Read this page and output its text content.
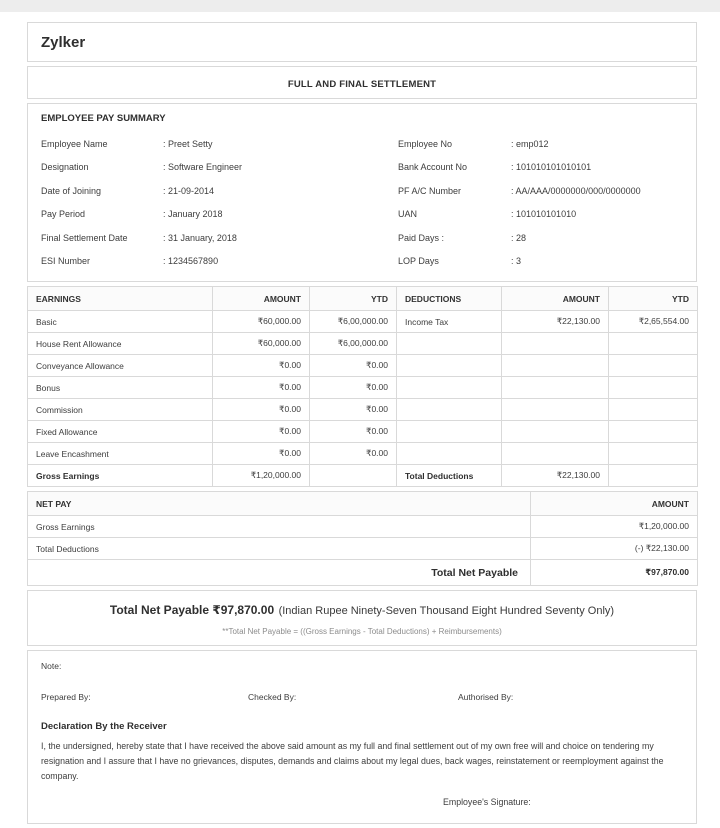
Zylker
FULL AND FINAL SETTLEMENT
EMPLOYEE PAY SUMMARY
Employee Name	: Preet Setty	Employee No	: emp012
Designation	: Software Engineer	Bank Account No	: 101010101010101
Date of Joining	: 21-09-2014	PF A/C Number	: AA/AAA/0000000/000/0000000
Pay Period	: January 2018	UAN	: 101010101010
Final Settlement Date	: 31 January, 2018	Paid Days :	: 28
ESI Number	: 1234567890	LOP Days	: 3
EARNINGS	AMOUNT	YTD	DEDUCTIONS	AMOUNT	YTD
Basic	₹60,000.00	₹6,00,000.00	Income Tax	₹22,130.00	₹2,65,554.00
House Rent Allowance	₹60,000.00	₹6,00,000.00			
Conveyance Allowance	₹0.00	₹0.00			
Bonus	₹0.00	₹0.00			
Commission	₹0.00	₹0.00			
Fixed Allowance	₹0.00	₹0.00			
Leave Encashment	₹0.00	₹0.00			
Gross Earnings	₹1,20,000.00		Total Deductions	₹22,130.00	
NET PAY	AMOUNT
Gross Earnings	₹1,20,000.00
Total Deductions	(-) ₹22,130.00
Total Net Payable	₹97,870.00
Total Net Payable ₹97,870.00 (Indian Rupee Ninety-Seven Thousand Eight Hundred Seventy Only)
**Total Net Payable = ((Gross Earnings - Total Deductions) + Reimbursements)
Note:
Prepared By:	Checked By:	Authorised By:
Declaration By the Receiver
I, the undersigned, hereby state that I have received the above said amount as my full and final settlement out of my own free will and choice on tendering my resignation and I assure that I have no grievances, disputes, demands and claims about my legal dues, back wages, reinstatement or reemployment against the company.
Employee's Signature:
